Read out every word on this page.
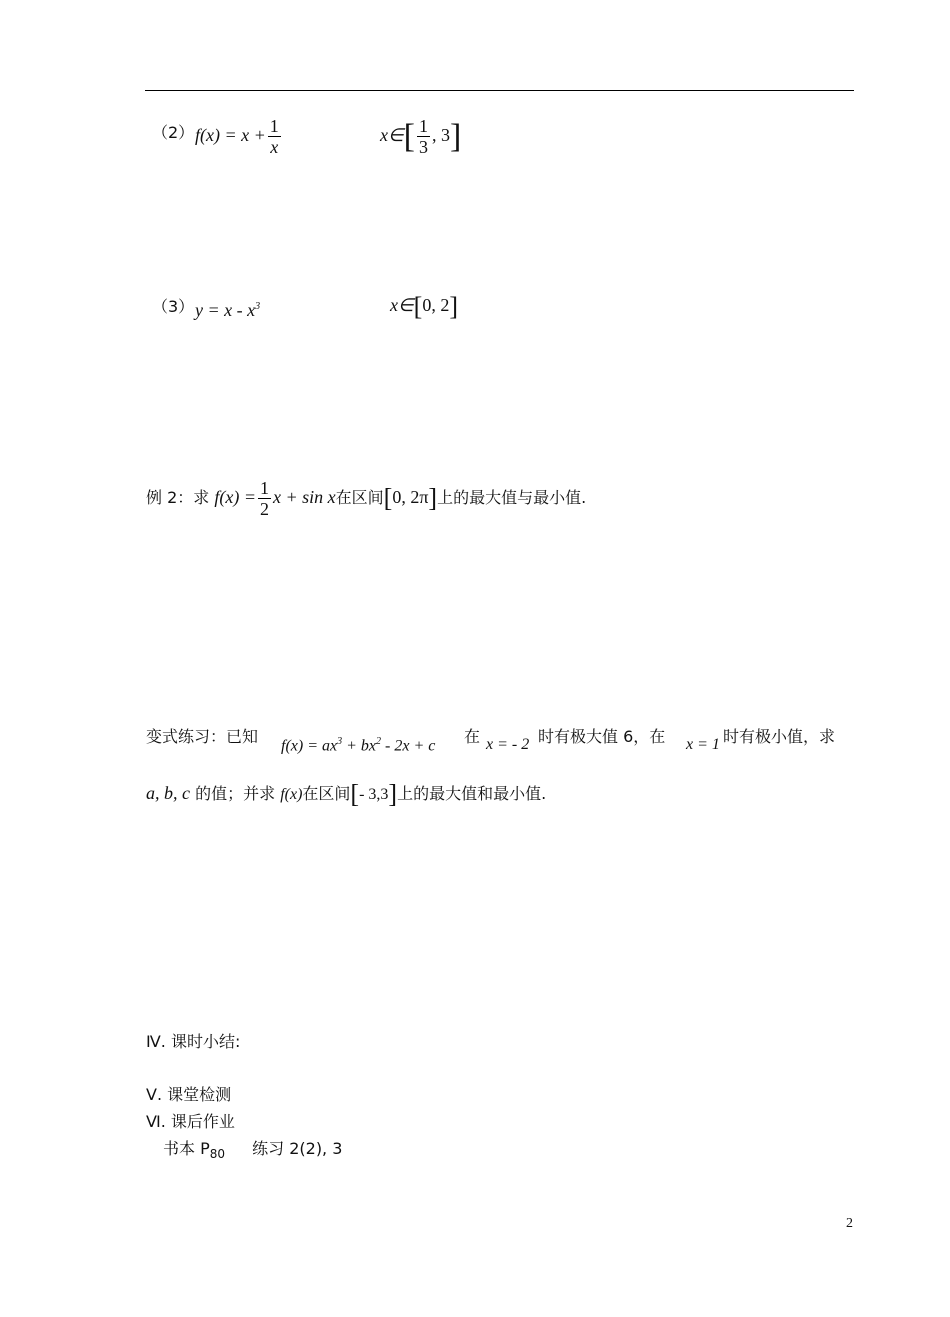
（2） $f(x) = x + \frac{1}{x}$	x∈[ $\frac{1}{3}$ , 3]
（3） $y = x - x^3$	x∈[0, 2]
例 2：求 $f(x) = \frac{1}{2}$ x + sin x在区间[0, 2π]上的最大值与最小值.
变式练习：已知 $f(x) = ax^3 + bx^2 - 2x + c$ 在 x = - 2 时有极大值 6，在 x = 1 时有极小值，求
a, b, c 的值；并求 f(x)在区间[- 3,3]上的最大值和最小值.
Ⅳ. 课时小结:
Ⅴ. 课堂检测
Ⅵ. 课后作业
书本 $P_{80}$ 练习 2(2), 3
2
